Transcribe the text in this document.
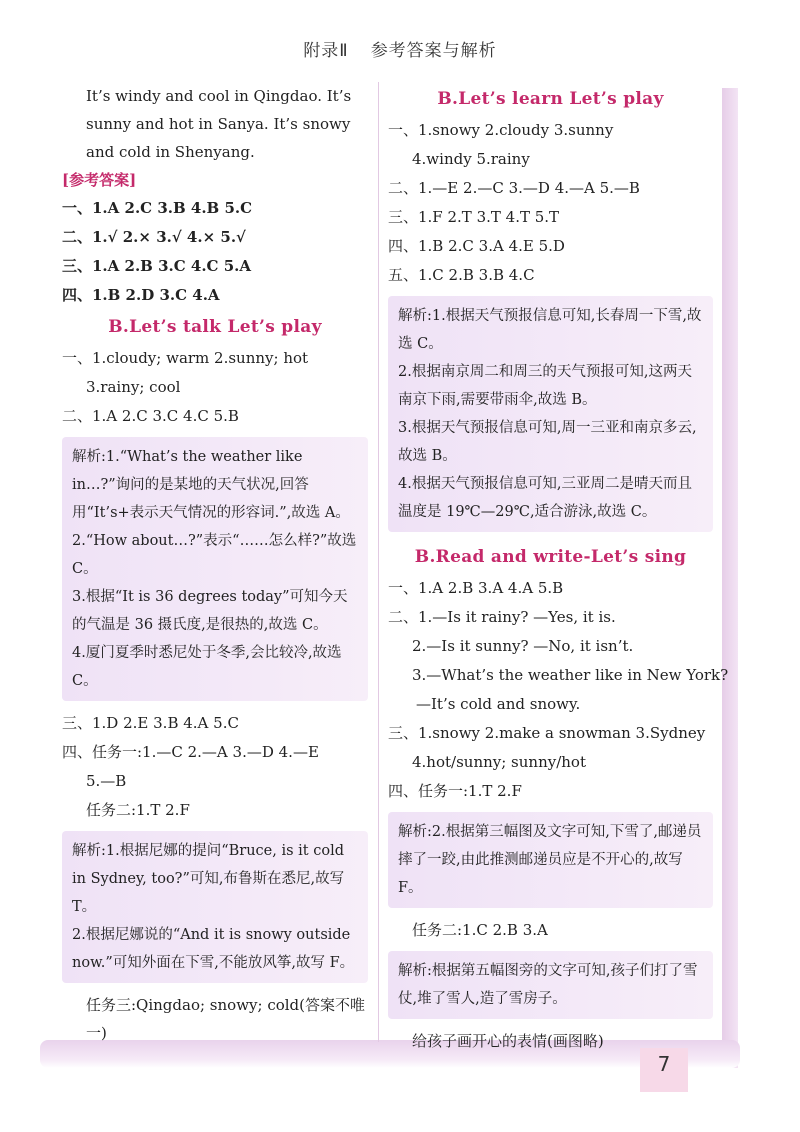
附录Ⅱ 参考答案与解析
It’s windy and cool in Qingdao. It’s sunny and hot in Sanya. It’s snowy and cold in Shenyang.
[参考答案]
一、1.A 2.C 3.B 4.B 5.C
二、1.√ 2.× 3.√ 4.× 5.√
三、1.A 2.B 3.C 4.C 5.A
四、1.B 2.D 3.C 4.A
B.Let’s talk Let’s play
一、1.cloudy; warm 2.sunny; hot
3.rainy; cool
二、1.A 2.C 3.C 4.C 5.B

解析:1.“What’s the weather like in…?”询问的是某地的天气状况,回答用“It’s+表示天气情况的形容词.”,故选 A。

2.“How about…?”表示“……怎么样?”故选 C。

3.根据“It is 36 degrees today”可知今天的气温是 36 摄氏度,是很热的,故选 C。

4.厦门夏季时悉尼处于冬季,会比较冷,故选 C。

三、1.D 2.E 3.B 4.A 5.C
四、任务一:1.—C 2.—A 3.—D 4.—E
5.—B
任务二:1.T 2.F

解析:1.根据尼娜的提问“Bruce, is it cold in Sydney, too?”可知,布鲁斯在悉尼,故写 T。

2.根据尼娜说的“And it is snowy outside now.”可知外面在下雪,不能放风筝,故写 F。

任务三:Qingdao; snowy; cold(答案不唯一)
B.Let’s learn Let’s play
一、1.snowy 2.cloudy 3.sunny
4.windy 5.rainy
二、1.—E 2.—C 3.—D 4.—A 5.—B
三、1.F 2.T 3.T 4.T 5.T
四、1.B 2.C 3.A 4.E 5.D
五、1.C 2.B 3.B 4.C

解析:1.根据天气预报信息可知,长春周一下雪,故选 C。

2.根据南京周二和周三的天气预报可知,这两天南京下雨,需要带雨伞,故选 B。

3.根据天气预报信息可知,周一三亚和南京多云,故选 B。

4.根据天气预报信息可知,三亚周二是晴天而且温度是 19℃—29℃,适合游泳,故选 C。

B.Read and write-Let’s sing
一、1.A 2.B 3.A 4.A 5.B
二、1.—Is it rainy? —Yes, it is.
2.—Is it sunny? —No, it isn’t.
3.—What’s the weather like in New York?
—It’s cold and snowy.
三、1.snowy 2.make a snowman 3.Sydney
4.hot/sunny; sunny/hot
四、任务一:1.T 2.F

解析:2.根据第三幅图及文字可知,下雪了,邮递员摔了一跤,由此推测邮递员应是不开心的,故写 F。

任务二:1.C 2.B 3.A

解析:根据第五幅图旁的文字可知,孩子们打了雪仗,堆了雪人,造了雪房子。

给孩子画开心的表情(画图略)
7
